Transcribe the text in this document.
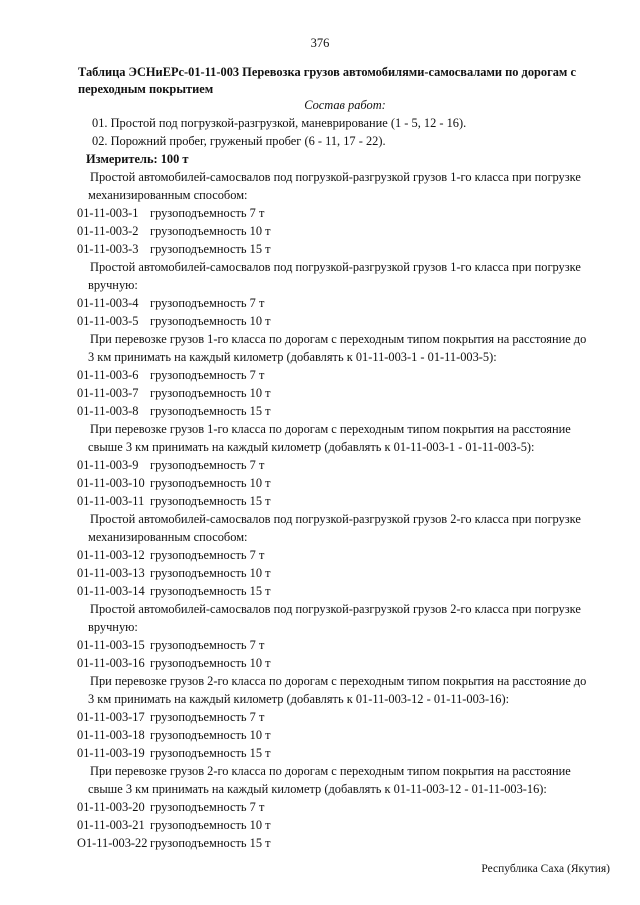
376
Таблица ЭСНиЕРс-01-11-003 Перевозка грузов автомобилями-самосвалами по дорогам с переходным покрытием
Состав работ:
01. Простой под погрузкой-разгрузкой, маневрирование (1 - 5, 12 - 16).
02. Порожний пробег, груженый пробег (6 - 11, 17 - 22).
Измеритель: 100 т
Простой автомобилей-самосвалов под погрузкой-разгрузкой грузов 1-го класса при погрузке
механизированным способом:
01-11-003-1 грузоподъемность 7 т
01-11-003-2 грузоподъемность 10 т
01-11-003-3 грузоподъемность 15 т
Простой автомобилей-самосвалов под погрузкой-разгрузкой грузов 1-го класса при погрузке
вручную:
01-11-003-4 грузоподъемность 7 т
01-11-003-5 грузоподъемность 10 т
При перевозке грузов 1-го класса по дорогам с переходным типом покрытия на расстояние до
3 км принимать на каждый километр (добавлять к 01-11-003-1 - 01-11-003-5):
01-11-003-6 грузоподъемность 7 т
01-11-003-7 грузоподъемность 10 т
01-11-003-8 грузоподъемность 15 т
При перевозке грузов 1-го класса по дорогам с переходным типом покрытия на расстояние
свыше 3 км принимать на каждый километр (добавлять к 01-11-003-1 - 01-11-003-5):
01-11-003-9 грузоподъемность 7 т
01-11-003-10 грузоподъемность 10 т
01-11-003-11 грузоподъемность 15 т
Простой автомобилей-самосвалов под погрузкой-разгрузкой грузов 2-го класса при погрузке
механизированным способом:
01-11-003-12 грузоподъемность 7 т
01-11-003-13 грузоподъемность 10 т
01-11-003-14 грузоподъемность 15 т
Простой автомобилей-самосвалов под погрузкой-разгрузкой грузов 2-го класса при погрузке
вручную:
01-11-003-15 грузоподъемность 7 т
01-11-003-16 грузоподъемность 10 т
При перевозке грузов 2-го класса по дорогам с переходным типом покрытия на расстояние до
3 км принимать на каждый километр (добавлять к 01-11-003-12 - 01-11-003-16):
01-11-003-17 грузоподъемность 7 т
01-11-003-18 грузоподъемность 10 т
01-11-003-19 грузоподъемность 15 т
При перевозке грузов 2-го класса по дорогам с переходным типом покрытия на расстояние
свыше 3 км принимать на каждый километр (добавлять к 01-11-003-12 - 01-11-003-16):
01-11-003-20 грузоподъемность 7 т
01-11-003-21 грузоподъемность 10 т
О1-11-003-22 грузоподъемность 15 т
Республика Саха (Якутия)
